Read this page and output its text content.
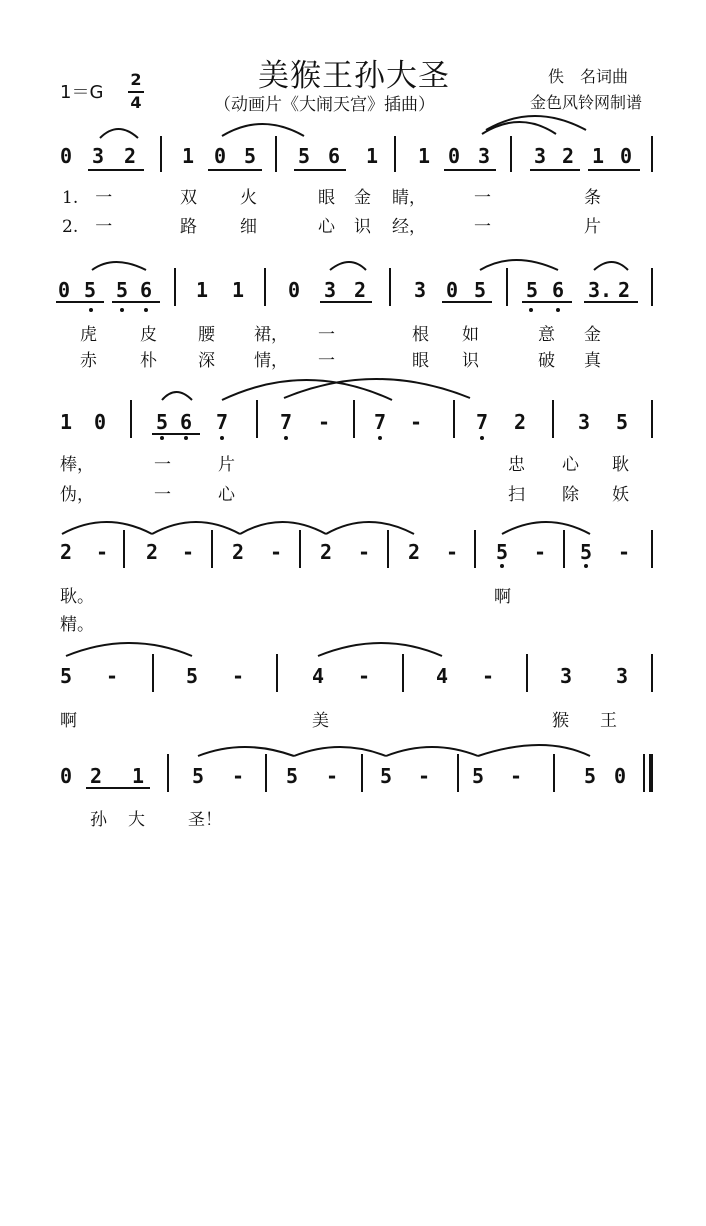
美猴王孙大圣
（动画片《大闹天宫》插曲）
1＝G
2
4
佚　名词曲
金色风铃网制谱
0 3 2 1 0 5 5 6 1 1 0 3 3 2 1 0
1.　一	双	火	眼 金 睛，	一	条
2.　一	路	细	心 识 经，	一	片
0 5 5 6 1 1 0 3 2 3 0 5 5 6 3. 2
虎	皮 腰 裙， 一	根 如	意 金
赤	朴 深 情， 一	眼 识	破 真
1 0 5 6 7	7 - 7 -	7 2	3 5
棒，	一	片	忠 心 耿
伪，	一	心	扫 除 妖
2 - 2 - 2 - 2 - 2 - 5 - 5 -
耿。	啊
精。
5 -	5 -	4 -	4 -	3 3
啊	美	猴 王
0 2 1 5 - 5 - 5 - 5 -	5 0
孙 大	圣！
